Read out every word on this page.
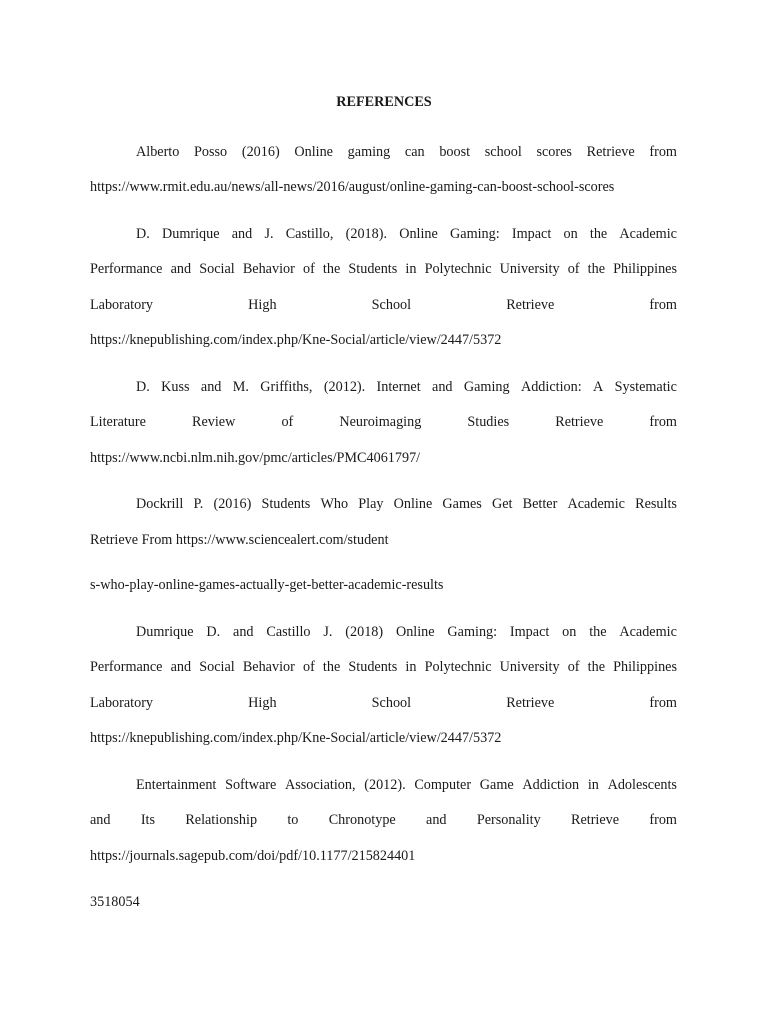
REFERENCES
Alberto Posso (2016) Online gaming can boost school scores Retrieve from
https://www.rmit.edu.au/news/all-news/2016/august/online-gaming-can-boost-school-scores
D. Dumrique and J. Castillo, (2018). Online Gaming: Impact on the Academic
Performance and Social Behavior of the Students in Polytechnic University of the Philippines
Laboratory	High	School	Retrieve	from
https://knepublishing.com/index.php/Kne-Social/article/view/2447/5372
D. Kuss and M. Griffiths, (2012). Internet and Gaming Addiction: A Systematic
Literature	Review	of	Neuroimaging	Studies	Retrieve	from
https://www.ncbi.nlm.nih.gov/pmc/articles/PMC4061797/
Dockrill P. (2016) Students Who Play Online Games Get Better Academic Results
Retrieve From https://www.sciencealert.com/student
s-who-play-online-games-actually-get-better-academic-results
Dumrique D. and Castillo J. (2018) Online Gaming: Impact on the Academic
Performance and Social Behavior of the Students in Polytechnic University of the Philippines
Laboratory	High	School	Retrieve	from
https://knepublishing.com/index.php/Kne-Social/article/view/2447/5372
Entertainment Software Association, (2012). Computer Game Addiction in Adolescents
and Its Relationship to Chronotype and Personality Retrieve from
https://journals.sagepub.com/doi/pdf/10.1177/215824401
3518054
